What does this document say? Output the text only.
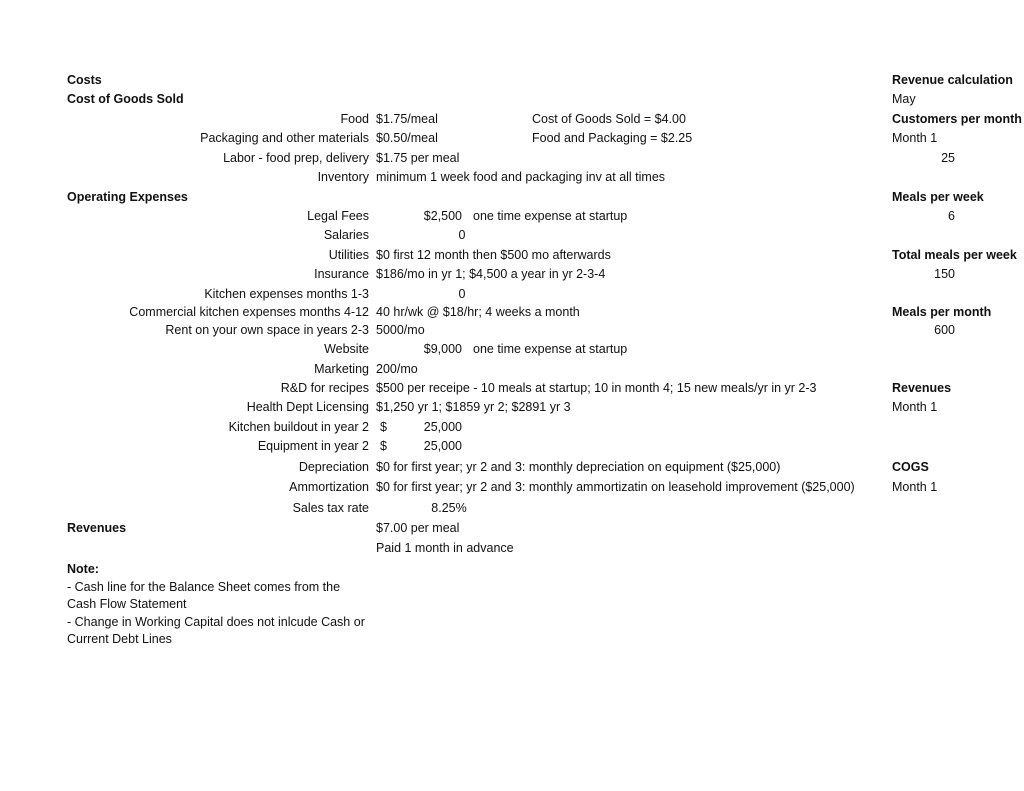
Costs
Cost of Goods Sold
Food $1.75/meal	Cost of Goods Sold = $4.00
Packaging and other materials $0.50/meal	Food and Packaging = $2.25
Labor - food prep, delivery $1.75 per meal
Inventory minimum 1 week food and packaging inv at all times
Operating Expenses
Legal Fees	$2,500 one time expense at startup
Salaries	0
Utilities $0 first 12 month then $500 mo afterwards
Insurance $186/mo in yr 1; $4,500 a year in yr 2-3-4
Kitchen expenses months 1-3	0
Commercial kitchen expenses months 4-12 40 hr/wk @ $18/hr; 4 weeks a month
Rent on your own space in years 2-3 5000/mo
Website	$9,000 one time expense at startup
Marketing 200/mo
R&D for recipes $500 per receipe - 10 meals at startup; 10 in month 4; 15 new meals/yr in yr 2-3
Health Dept Licensing $1,250 yr 1; $1859 yr 2; $2891 yr 3
Kitchen buildout in year 2 $	25,000
Equipment in year 2 $	25,000
Depreciation $0 for first year; yr 2 and 3: monthly depreciation on equipment ($25,000)
Ammortization $0 for first year; yr 2 and 3: monthly ammortizatin on leasehold improvement ($25,000)
Sales tax rate	8.25%
Revenues	$7.00 per meal
Paid 1 month in advance
Note:
- Cash line for the Balance Sheet comes from the
Cash Flow Statement
- Change in Working Capital does not inlcude Cash or
Current Debt Lines
Revenue calculation
May
Customers per month
Month 1
25
Meals per week
6
Total meals per week
150
Meals per month
600
Revenues
Month 1
COGS
Month 1
